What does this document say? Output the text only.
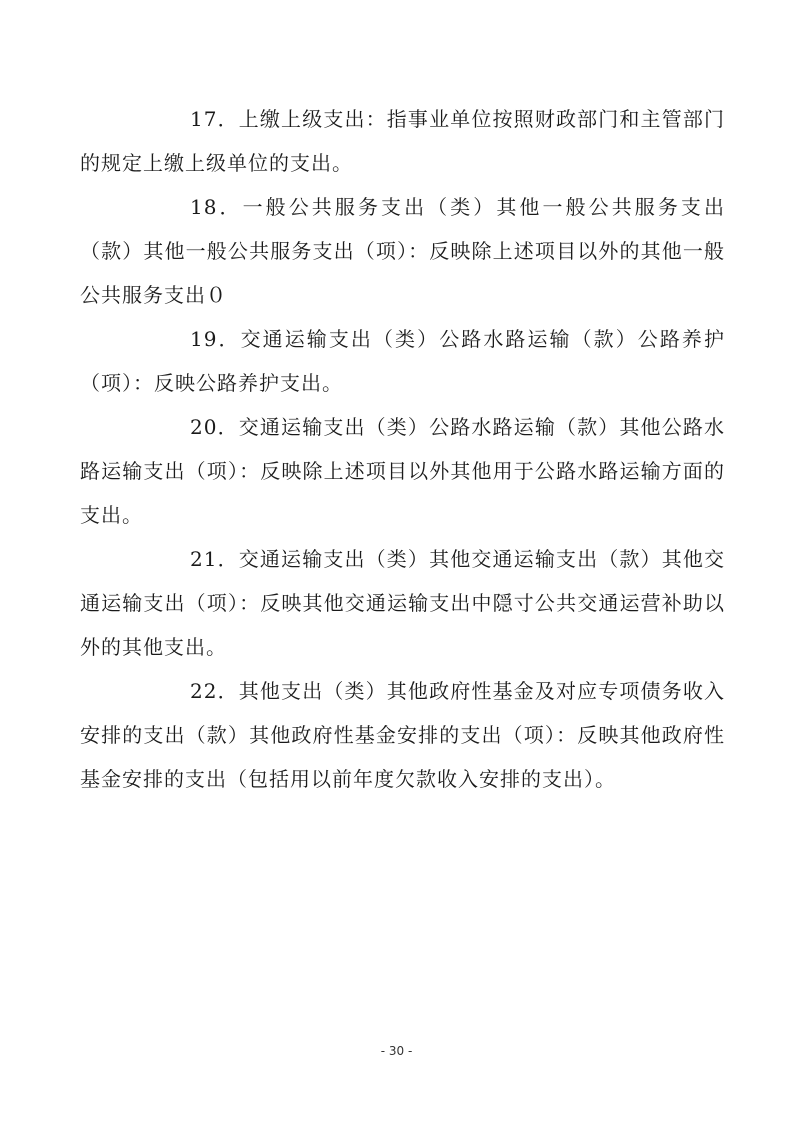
17．上缴上级支出：指事业单位按照财政部门和主管部门
的规定上缴上级单位的支出。
18．一般公共服务支出（类）其他一般公共服务支出
（款）其他一般公共服务支出（项）：反映除上述项目以外的其他一般
公共服务支出０
19．交通运输支出（类）公路水路运输（款）公路养护
（项）：反映公路养护支出。
20．交通运输支出（类）公路水路运输（款）其他公路水
路运输支出（项）：反映除上述项目以外其他用于公路水路运输方面的
支出。
21．交通运输支出（类）其他交通运输支出（款）其他交
通运输支出（项）：反映其他交通运输支出中隠寸公共交通运营补助以
外的其他支出。
22．其他支出（类）其他政府性基金及对应专项债务收入
安排的支出（款）其他政府性基金安排的支出（项）：反映其他政府性
基金安排的支出（包括用以前年度欠款收入安排的支出）。
- 30 -
